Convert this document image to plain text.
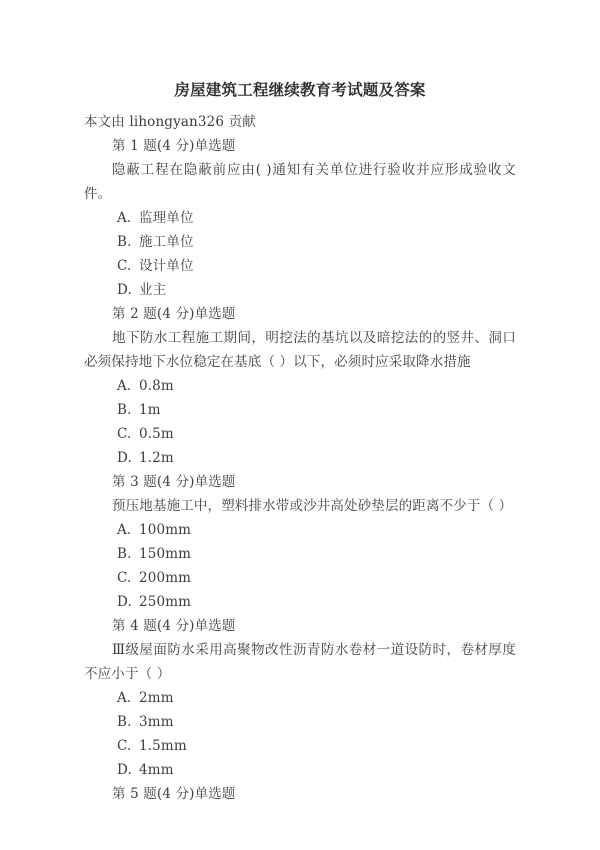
房屋建筑工程继续教育考试题及答案

本文由 lihongyan326 贡献

第 1 题(4 分)单选题

隐蔽工程在隐蔽前应由( )通知有关单位进行验收并应形成验收文件。

A. 监理单位

B. 施工单位

C. 设计单位

D. 业主

第 2 题(4 分)单选题

地下防水工程施工期间，明挖法的基坑以及暗挖法的的竖井、洞口必须保持地下水位稳定在基底（ ）以下，必须时应采取降水措施

A. 0.8m

B. 1m

C. 0.5m

D. 1.2m

第 3 题(4 分)单选题

预压地基施工中，塑料排水带或沙井高处砂垫层的距离不少于（ ）

A. 100mm

B. 150mm

C. 200mm

D. 250mm

第 4 题(4 分)单选题

Ⅲ级屋面防水采用高聚物改性沥青防水卷材一道设防时，卷材厚度不应小于（ ）

A. 2mm

B. 3mm

C. 1.5mm

D. 4mm

第 5 题(4 分)单选题
